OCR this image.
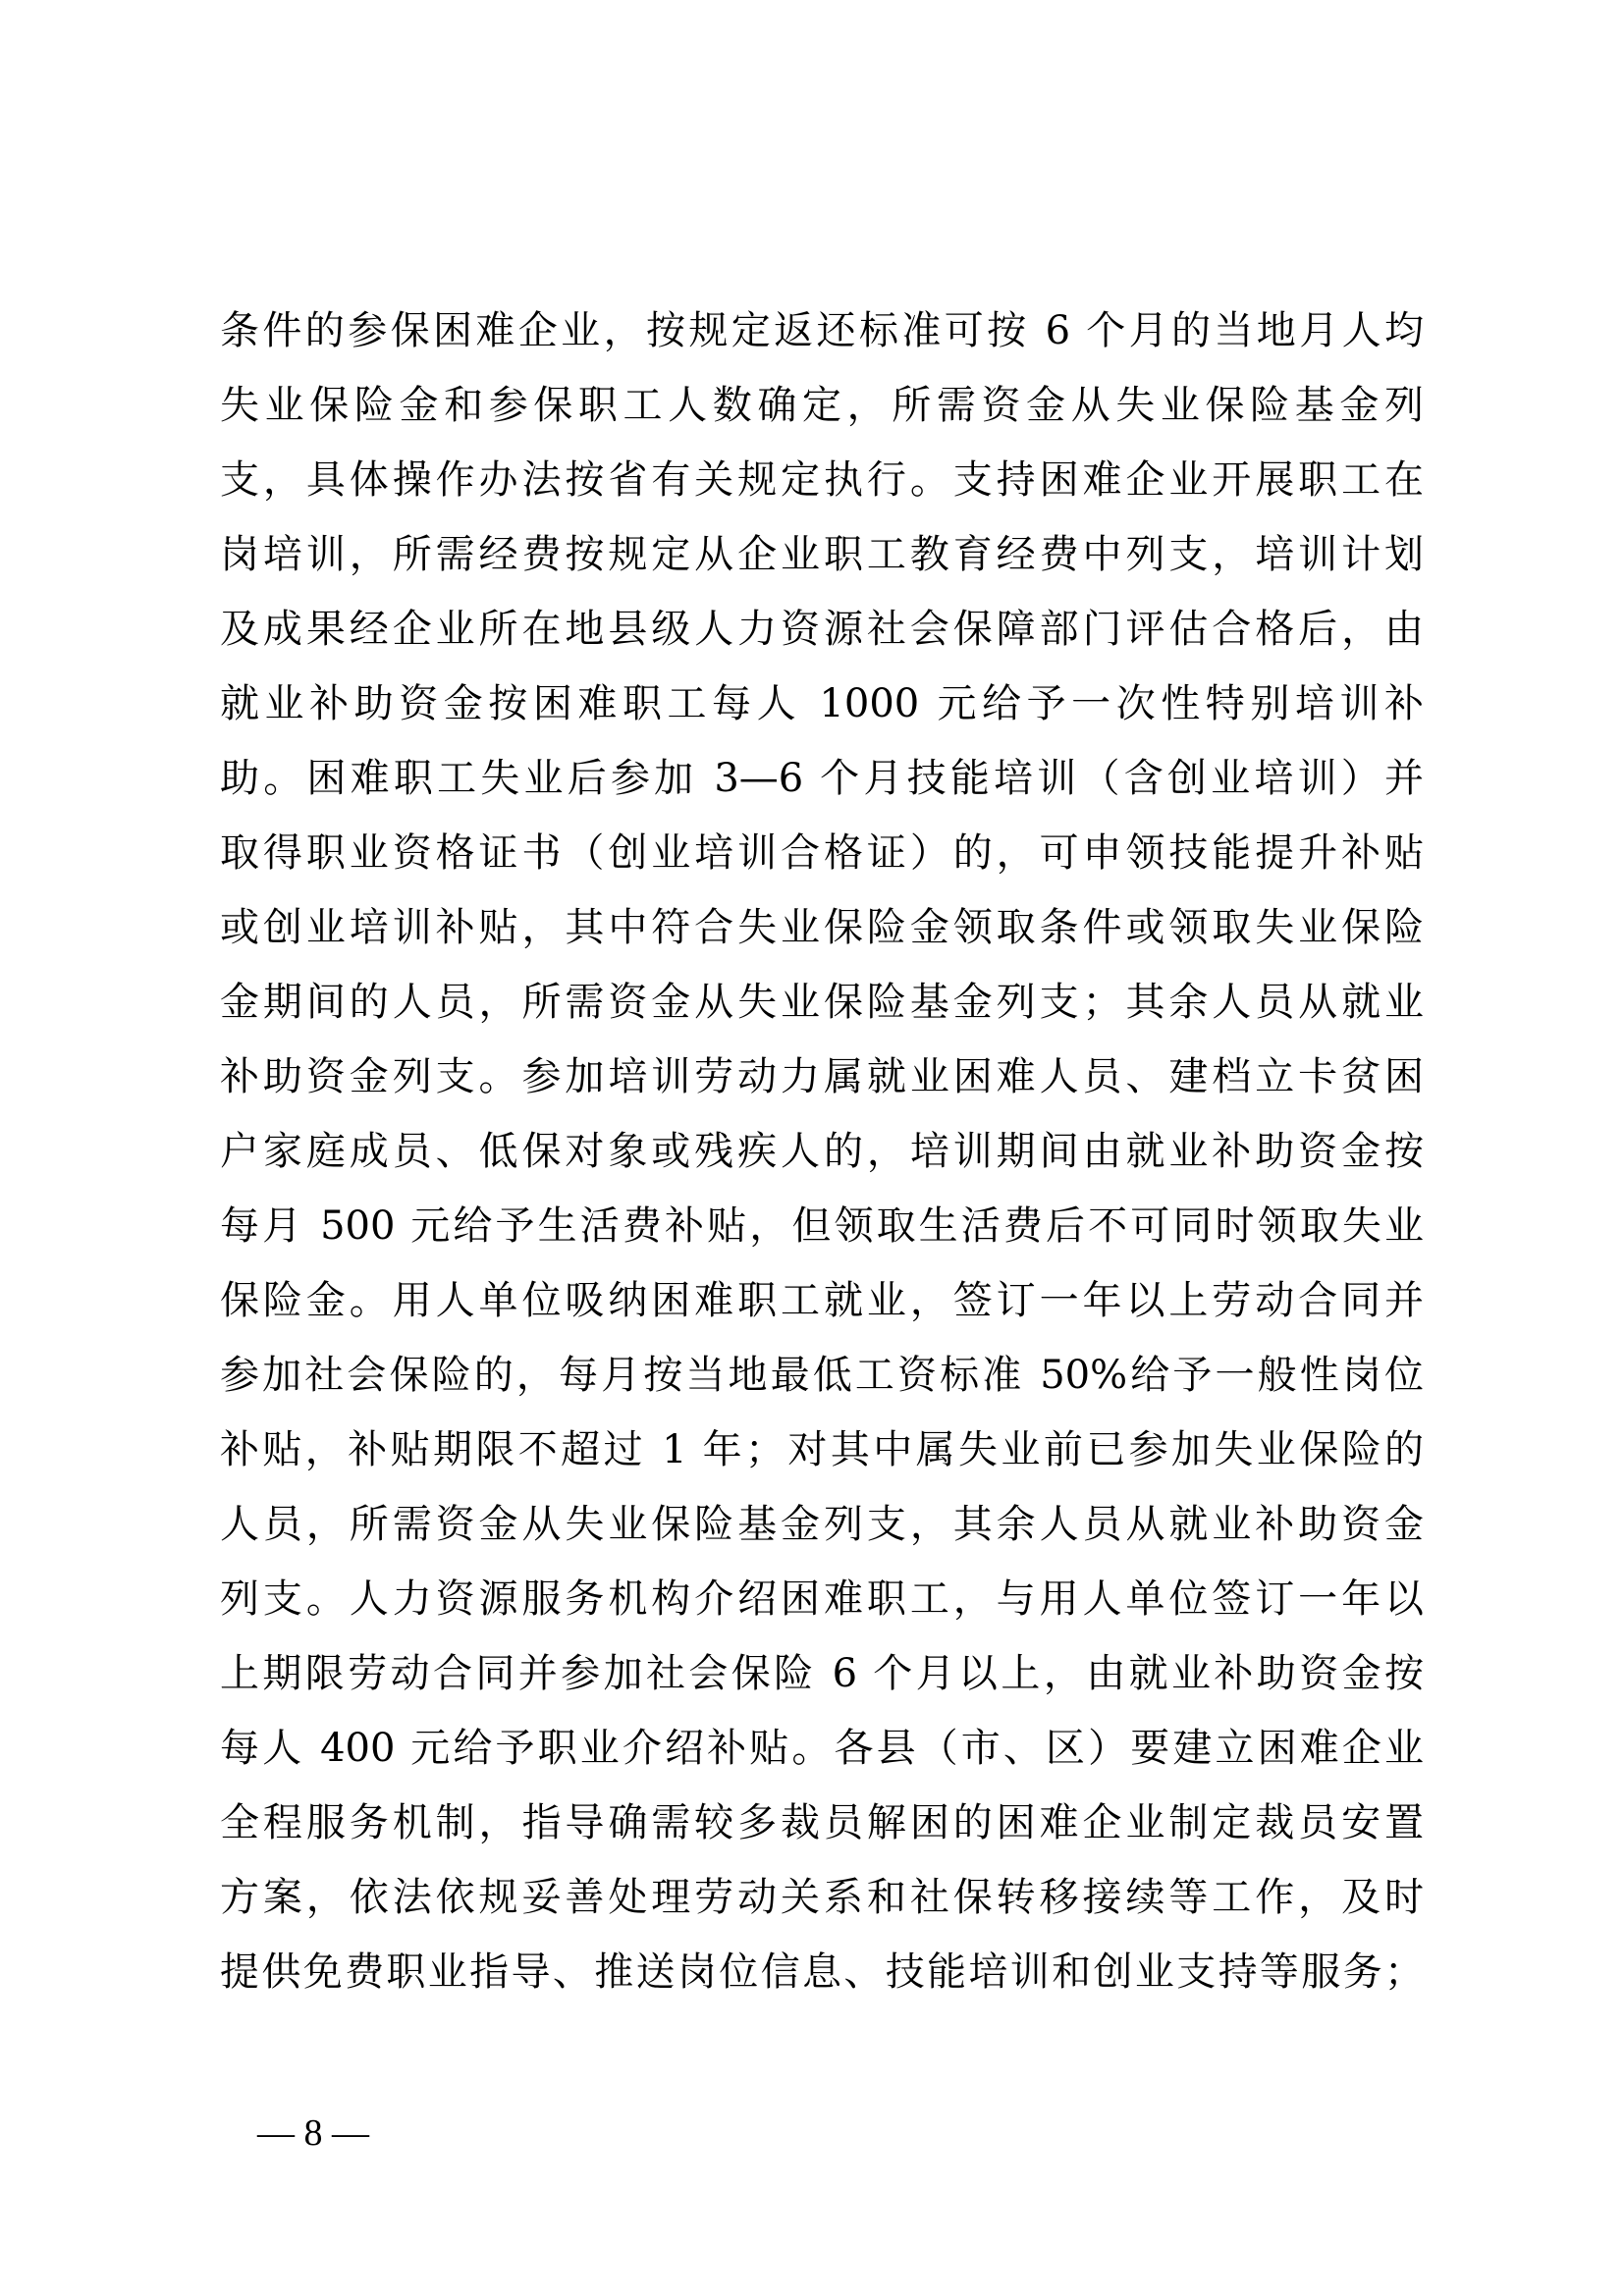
条件的参保困难企业，按规定返还标准可按 6 个月的当地月人均
失业保险金和参保职工人数确定，所需资金从失业保险基金列
支，具体操作办法按省有关规定执行。支持困难企业开展职工在
岗培训，所需经费按规定从企业职工教育经费中列支，培训计划
及成果经企业所在地县级人力资源社会保障部门评估合格后，由
就业补助资金按困难职工每人 1000 元给予一次性特别培训补
助。困难职工失业后参加 3—6 个月技能培训（含创业培训）并
取得职业资格证书（创业培训合格证）的，可申领技能提升补贴
或创业培训补贴，其中符合失业保险金领取条件或领取失业保险
金期间的人员，所需资金从失业保险基金列支；其余人员从就业
补助资金列支。参加培训劳动力属就业困难人员、建档立卡贫困
户家庭成员、低保对象或残疾人的，培训期间由就业补助资金按
每月 500 元给予生活费补贴，但领取生活费后不可同时领取失业
保险金。用人单位吸纳困难职工就业，签订一年以上劳动合同并
参加社会保险的，每月按当地最低工资标准 50%给予一般性岗位
补贴，补贴期限不超过 1 年；对其中属失业前已参加失业保险的
人员，所需资金从失业保险基金列支，其余人员从就业补助资金
列支。人力资源服务机构介绍困难职工，与用人单位签订一年以
上期限劳动合同并参加社会保险 6 个月以上，由就业补助资金按
每人 400 元给予职业介绍补贴。各县（市、区）要建立困难企业
全程服务机制，指导确需较多裁员解困的困难企业制定裁员安置
方案，依法依规妥善处理劳动关系和社保转移接续等工作，及时
提供免费职业指导、推送岗位信息、技能培训和创业支持等服务；
— 8 —
